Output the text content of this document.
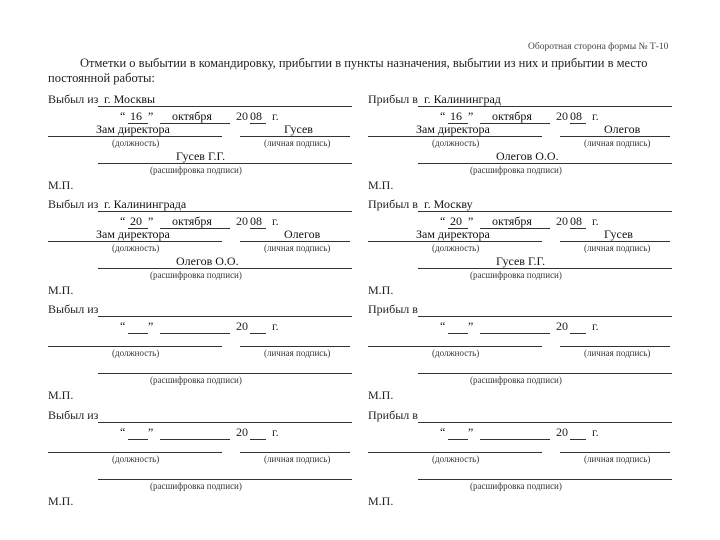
Оборотная сторона формы № Т-10
Отметки о выбытии в командировку, прибытии в пункты назначения, выбытии из них и прибытии в место
постоянной работы:
Выбыл из г. Москвы
“ 16 ” октября 20 08 г.
Зам директора
(должность)
Гусев
(личная подпись)
Гусев Г.Г.
(расшифровка подписи)
М.П.
Прибыл в г. Калининград
“ 16 ” октября 20 08 г.
Зам директора
(должность)
Олегов
(личная подпись)
Олегов О.О.
(расшифровка подписи)
М.П.
Выбыл из г. Калининграда
“ 20 ” октября 20 08 г.
Зам директора
(должность)
Олегов
(личная подпись)
Олегов О.О.
(расшифровка подписи)
М.П.
Прибыл в г. Москву
“ 20 ” октября 20 08 г.
Зам директора
(должность)
Гусев
(личная подпись)
Гусев Г.Г.
(расшифровка подписи)
М.П.
Выбыл из
“ ”	20 г.
(должность)	(личная подпись)
(расшифровка подписи)
М.П.
Прибыл в
“ ”	20 г.
(должность)	(личная подпись)
(расшифровка подписи)
М.П.
Выбыл из
“ ”	20 г.
(должность)	(личная подпись)
(расшифровка подписи)
М.П.
Прибыл в
“ ”	20 г.
(должность)	(личная подпись)
(расшифровка подписи)
М.П.
